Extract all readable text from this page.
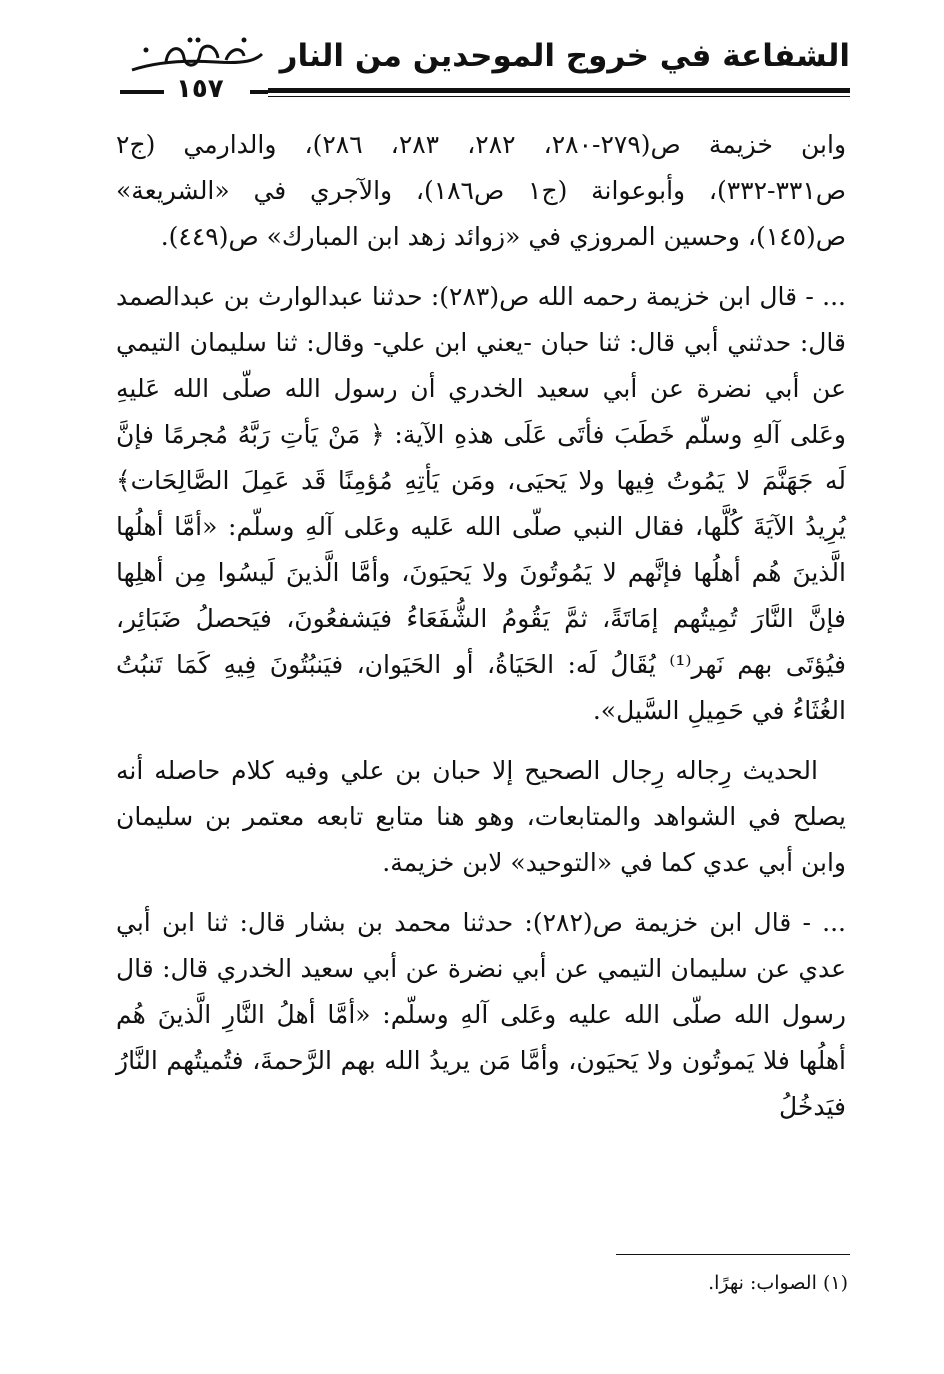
الشفاعة في خروج الموحدين من النار
١٥٧

وابن خزيمة ص(٢٧٩-٢٨٠، ٢٨٢، ٢٨٣، ٢٨٦)، والدارمي (ج٢ ص٣٣١-٣٣٢)، وأبوعوانة (ج١ ص١٨٦)، والآجري في «الشريعة» ص(١٤٥)، وحسين المروزي في «زوائد زهد ابن المبارك» ص(٤٤٩).

... - قال ابن خزيمة رحمه الله ص(٢٨٣): حدثنا عبدالوارث بن عبدالصمد قال: حدثني أبي قال: ثنا حبان -يعني ابن علي- وقال: ثنا سليمان التيمي عن أبي نضرة عن أبي سعيد الخدري أن رسول الله صلّى الله عَليهِ وعَلى آلهِ وسلّم خَطَبَ فأتَى عَلَى هذهِ الآية: ﴿ مَنْ يَأتِ رَبَّهُ مُجرمًا فإنَّ لَه جَهَنَّمَ لا يَمُوتُ فِيها ولا يَحيَى، ومَن يَأتِهِ مُؤمِنًا قَد عَمِلَ الصَّالِحَات﴾ يُرِيدُ الآيَةَ كُلَّها، فقال النبي صلّى الله عَليه وعَلى آلهِ وسلّم: «أمَّا أهلُها الَّذينَ هُم أهلُها فإنَّهم لا يَمُوتُونَ ولا يَحيَونَ، وأمَّا الَّذينَ لَيسُوا مِن أهلِها فإنَّ النَّارَ تُمِيتُهم إمَاتَةً، ثمَّ يَقُومُ الشُّفَعَاءُ فيَشفعُونَ، فيَحصلُ ضَبَائِر، فيُؤتَى بهم نَهر⁽¹⁾ يُقَالُ لَه: الحَيَاةُ، أو الحَيَوان، فيَنبُتُونَ فِيهِ كَمَا تَنبُتُ الغُثَاءُ في حَمِيلِ السَّيل».

الحديث رِجاله رِجال الصحيح إلا حبان بن علي وفيه كلام حاصله أنه يصلح في الشواهد والمتابعات، وهو هنا متابع تابعه معتمر بن سليمان وابن أبي عدي كما في «التوحيد» لابن خزيمة.

... - قال ابن خزيمة ص(٢٨٢): حدثنا محمد بن بشار قال: ثنا ابن أبي عدي عن سليمان التيمي عن أبي نضرة عن أبي سعيد الخدري قال: قال رسول الله صلّى الله عليه وعَلى آلهِ وسلّم: «أمَّا أهلُ النَّارِ الَّذينَ هُم أهلُها فلا يَموتُون ولا يَحيَون، وأمَّا مَن يريدُ الله بهم الرَّحمةَ، فتُميتُهم النَّارُ فيَدخُلُ

(١) الصواب: نهرًا.
